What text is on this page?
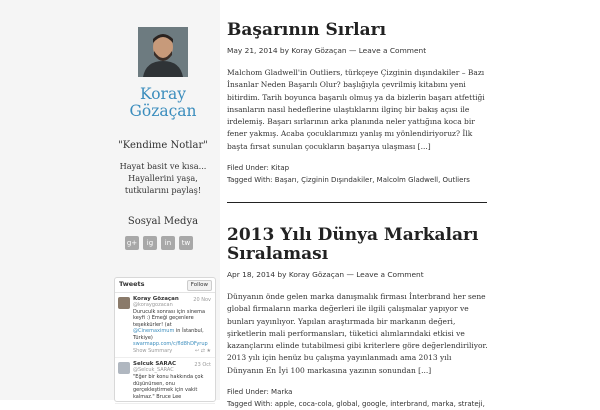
Koray
Gözaçan
"Kendime Notlar"
Hayat basit ve kısa...
Hayallerini yaşa,
tutkularını paylaş!
Sosyal Medya
g+	ig	in	tw
Tweets	Follow
20 Nov
Koray Gözaçan
@koraygozacan
Duruculk sonrası için sinema keyfi :) Emeği geçenlere teşekkürler! (at @Cinemaximum in İstanbul, Türkiye) swarmapp.com/c/fld8hDFyrup
Show Summary	↩ ⇄ ★
23 Oct
Selcuk SARAC
@Selcuk_SARAC
"Eğer bir konu hakkında çok düşünürsen, onu gerçekleştirmek için vakit kalmaz." Bruce Lee
Başarının Sırları
May 21, 2014 by Koray Gözaçan — Leave a Comment
Malchom Gladwell'in Outliers, türkçeye Çizginin dışındakiler – Bazı İnsanlar Neden Başarılı Olur? başlığıyla çevrilmiş kitabını yeni bitirdim. Tarih boyunca başarılı olmuş ya da bizlerin başarı atfettiği insanların nasıl hedeflerine ulaştıklarını ilginç bir bakış açısı ile irdelemiş. Başarı sırlarının arka planında neler yattığına koca bir fener yakmış. Acaba çocuklarımızı yanlış mı yönlendiriyoruz? İlk başta fırsat sunulan çocukların başarıya ulaşması [...]
Filed Under: Kitap
Tagged With: Başarı, Çizginin Dışındakiler, Malcolm Gladwell, Outliers
2013 Yılı Dünya Markaları Sıralaması
Apr 18, 2014 by Koray Gözaçan — Leave a Comment
Dünyanın önde gelen marka danışmalık firması İnterbrand her sene global firmaların marka değerleri ile ilgili çalışmalar yapıyor ve bunları yayınlıyor. Yapılan araştırmada bir markanın değeri, şirketlerin mali performansları, tüketici alımlarındaki etkisi ve kazançlarını elinde tutabilmesi gibi kriterlere göre değerlendiriliyor. 2013 yılı için henüz bu çalışma yayınlanmadı ama 2013 yılı Dünyanın En İyi 100 markasına yazının sonundan [...]
Filed Under: Marka
Tagged With: apple, coca-cola, global, google, interbrand, marka, strateji,
